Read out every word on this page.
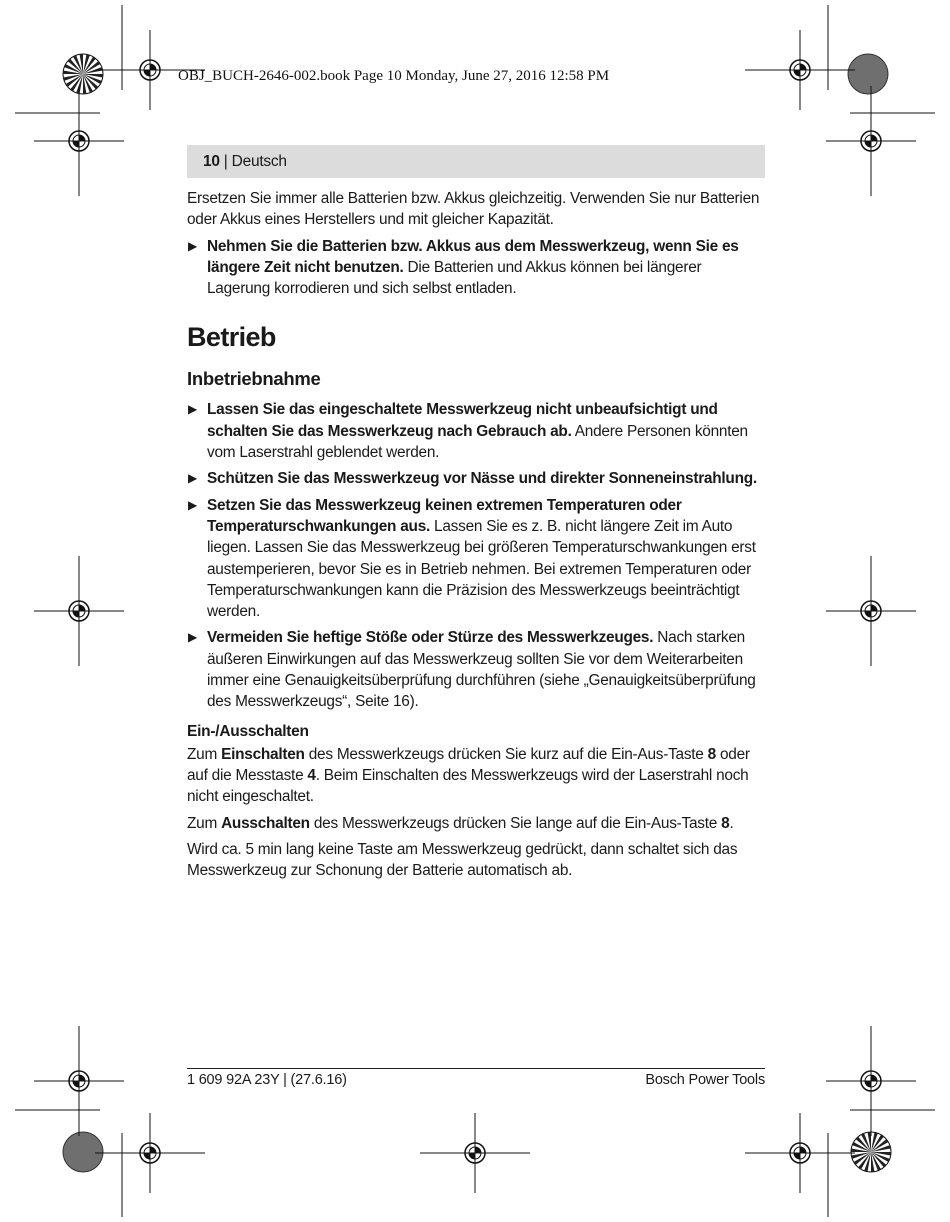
OBJ_BUCH-2646-002.book Page 10 Monday, June 27, 2016 12:58 PM
10 | Deutsch

Ersetzen Sie immer alle Batterien bzw. Akkus gleichzeitig. Verwenden Sie nur Batterien oder Akkus eines Herstellers und mit gleicher Kapazität.

▶ Nehmen Sie die Batterien bzw. Akkus aus dem Messwerkzeug, wenn Sie es längere Zeit nicht benutzen. Die Batterien und Akkus können bei längerer Lagerung korrodieren und sich selbst entladen.
Betrieb
Inbetriebnahme
▶ Lassen Sie das eingeschaltete Messwerkzeug nicht unbeaufsichtigt und schalten Sie das Messwerkzeug nach Gebrauch ab. Andere Personen könnten vom Laserstrahl geblendet werden.
▶ Schützen Sie das Messwerkzeug vor Nässe und direkter Sonneneinstrahlung.
▶ Setzen Sie das Messwerkzeug keinen extremen Temperaturen oder Temperaturschwankungen aus. Lassen Sie es z. B. nicht längere Zeit im Auto liegen. Lassen Sie das Messwerkzeug bei größeren Temperaturschwankungen erst austemperieren, bevor Sie es in Betrieb nehmen. Bei extremen Temperaturen oder Temperaturschwankungen kann die Präzision des Messwerkzeugs beeinträchtigt werden.
▶ Vermeiden Sie heftige Stöße oder Stürze des Messwerkzeuges. Nach starken äußeren Einwirkungen auf das Messwerkzeug sollten Sie vor dem Weiterarbeiten immer eine Genauigkeitsüberprüfung durchführen (siehe „Genauigkeitsüberprüfung des Messwerkzeugs“, Seite 16).
Ein-/Ausschalten

Zum Einschalten des Messwerkzeugs drücken Sie kurz auf die Ein-Aus-Taste 8 oder auf die Messtaste 4. Beim Einschalten des Messwerkzeugs wird der Laserstrahl noch nicht eingeschaltet.

Zum Ausschalten des Messwerkzeugs drücken Sie lange auf die Ein-Aus-Taste 8.

Wird ca. 5 min lang keine Taste am Messwerkzeug gedrückt, dann schaltet sich das Messwerkzeug zur Schonung der Batterie automatisch ab.

1 609 92A 23Y | (27.6.16)	Bosch Power Tools
